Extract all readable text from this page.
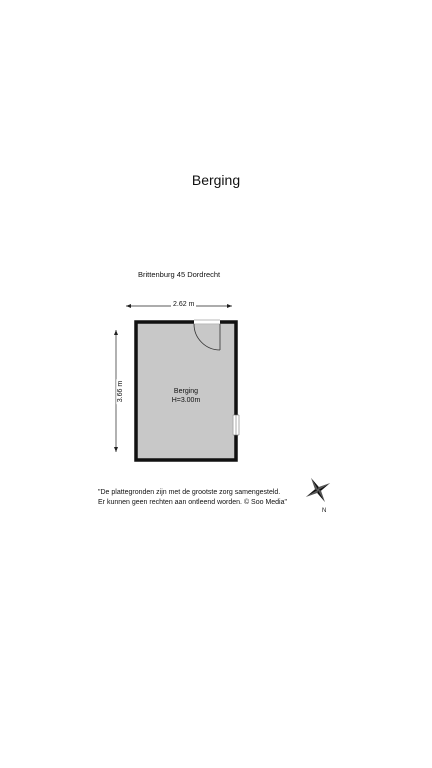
Berging
Brittenburg 45 Dordrecht
2.62 m
3.66 m	Berging
H=3.00m
"De plattegronden zijn met de grootste zorg samengesteld.
Er kunnen geen rechten aan ontleend worden. © Soo Media"
N
